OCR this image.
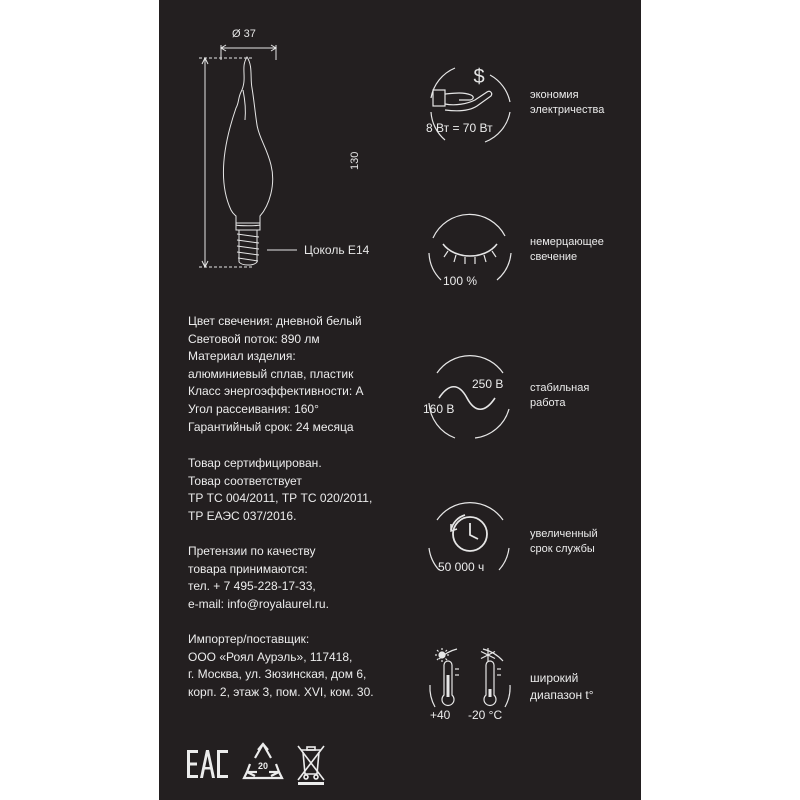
Ø 37
130
Цоколь E14
Цвет свечения: дневной белый
Световой поток: 890 лм
Материал изделия:
алюминиевый сплав, пластик
Класс энергоэффективности: A
Угол рассеивания: 160°
Гарантийный срок: 24 месяца
Товар сертифицирован.
Товар соответствует
ТР ТС 004/2011, ТР ТС 020/2011,
ТР ЕАЭС 037/2016.
Претензии по качеству
товара принимаются:
тел. + 7 495-228-17-33,
e-mail: info@royalaurel.ru.
Импортер/поставщик:
ООО «Роял Аурэль», 117418,
г. Москва, ул. Зюзинская, дом 6,
корп. 2, этаж 3, пом. XVI, ком. 30.
$
8 Вт = 70 Вт
экономия
электричества
100 %
немерцающее
свечение
250 В
160 В
стабильная
работа
50 000 ч
увеличенный
срок службы
+40 -20 °C
широкий
диапазон t°
20
